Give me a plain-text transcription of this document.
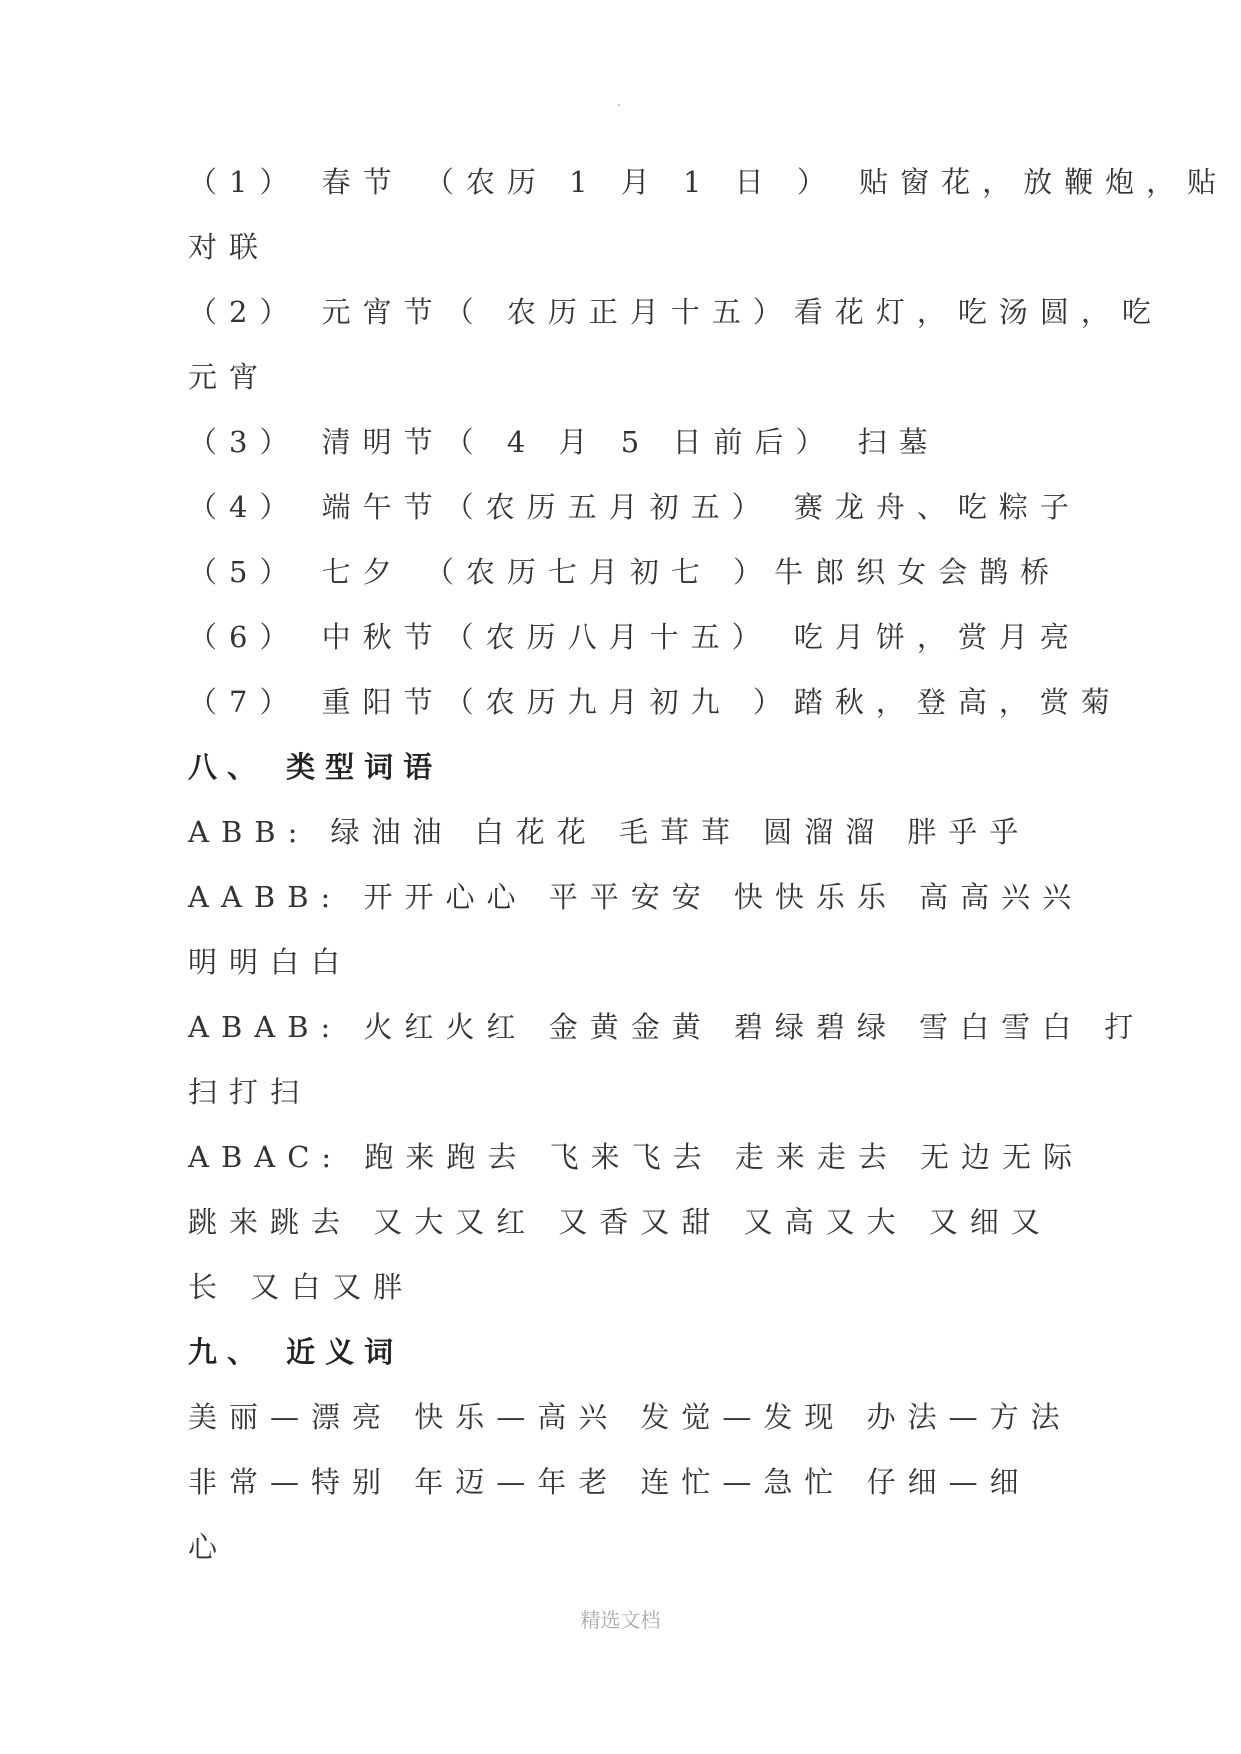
（1） 春节 （农历 1 月 1 日 ） 贴窗花，放鞭炮，贴
对联
（2） 元宵节（ 农历正月十五）看花灯，吃汤圆，吃
元宵
（3） 清明节（ 4 月 5 日前后） 扫墓
（4） 端午节（农历五月初五） 赛龙舟、吃粽子
（5） 七夕 （农历七月初七 ）牛郎织女会鹊桥
（6） 中秋节（农历八月十五） 吃月饼，赏月亮
（7） 重阳节（农历九月初九 ）踏秋，登高，赏菊
八、 类型词语
ABB: 绿油油 白花花 毛茸茸 圆溜溜 胖乎乎
AABB: 开开心心 平平安安 快快乐乐 高高兴兴
明明白白
ABAB: 火红火红 金黄金黄 碧绿碧绿 雪白雪白 打
扫打扫
ABAC: 跑来跑去 飞来飞去 走来走去 无边无际
跳来跳去 又大又红 又香又甜 又高又大 又细又
长 又白又胖
九、 近义词
美丽—漂亮 快乐—高兴 发觉—发现 办法—方法
非常—特别 年迈—年老 连忙—急忙 仔细—细
心
精选文档
